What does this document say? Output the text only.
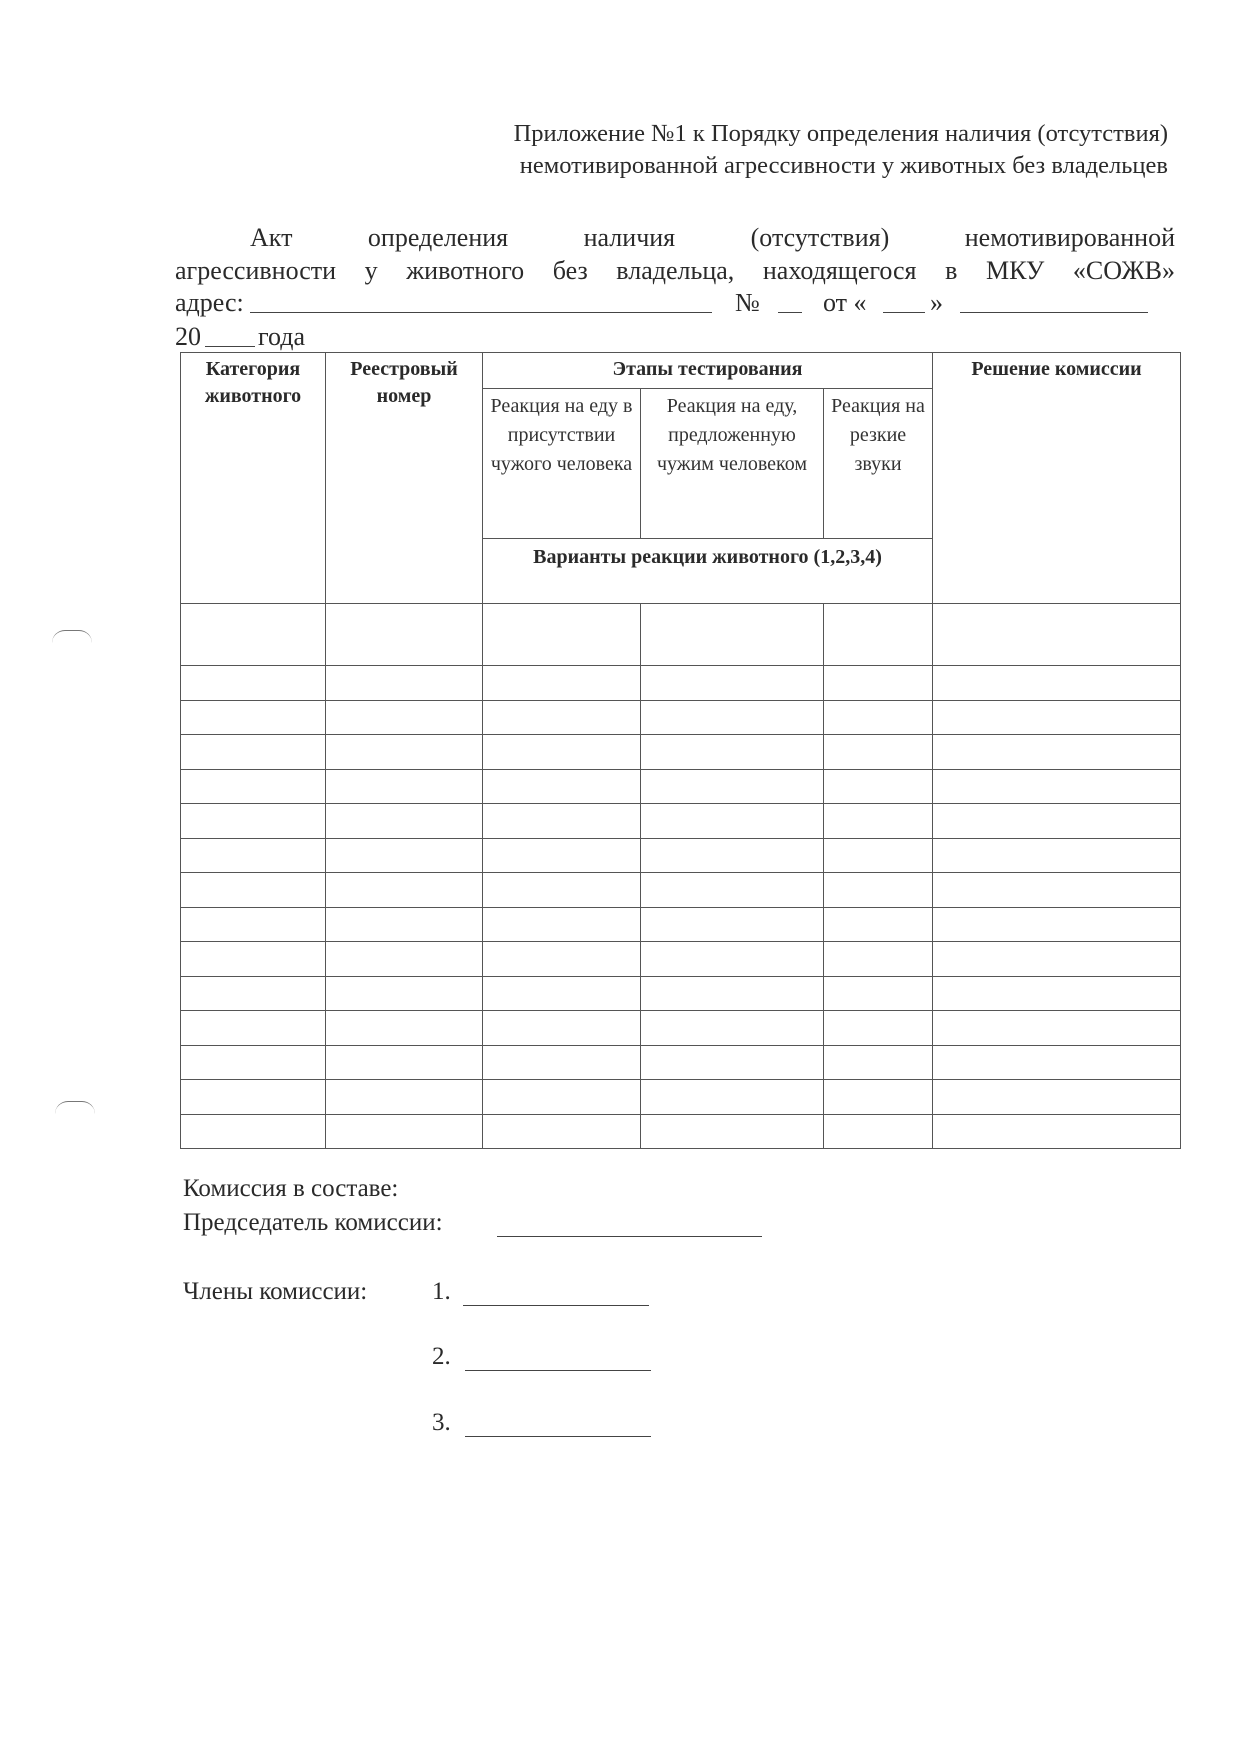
Приложение №1 к Порядку определения наличия (отсутствия)
немотивированной агрессивности у животных без владельцев
Акт определения наличия (отсутствия) немотивированной
агрессивности у животного без владельца, находящегося в МКУ «СОЖВ»
адрес:	№ от « »
20 года
Категория животного	Реестровый номер	Этапы тестирования			Решение комиссии
		Реакция на еду в присутствии чужого человека	Реакция на еду, предложенную чужим человеком	Реакция на резкие звуки	
		Варианты реакции животного (1,2,3,4)			

Комиссия в составе:
Председатель комиссии:
Члены комиссии:	1.
2.
3.
